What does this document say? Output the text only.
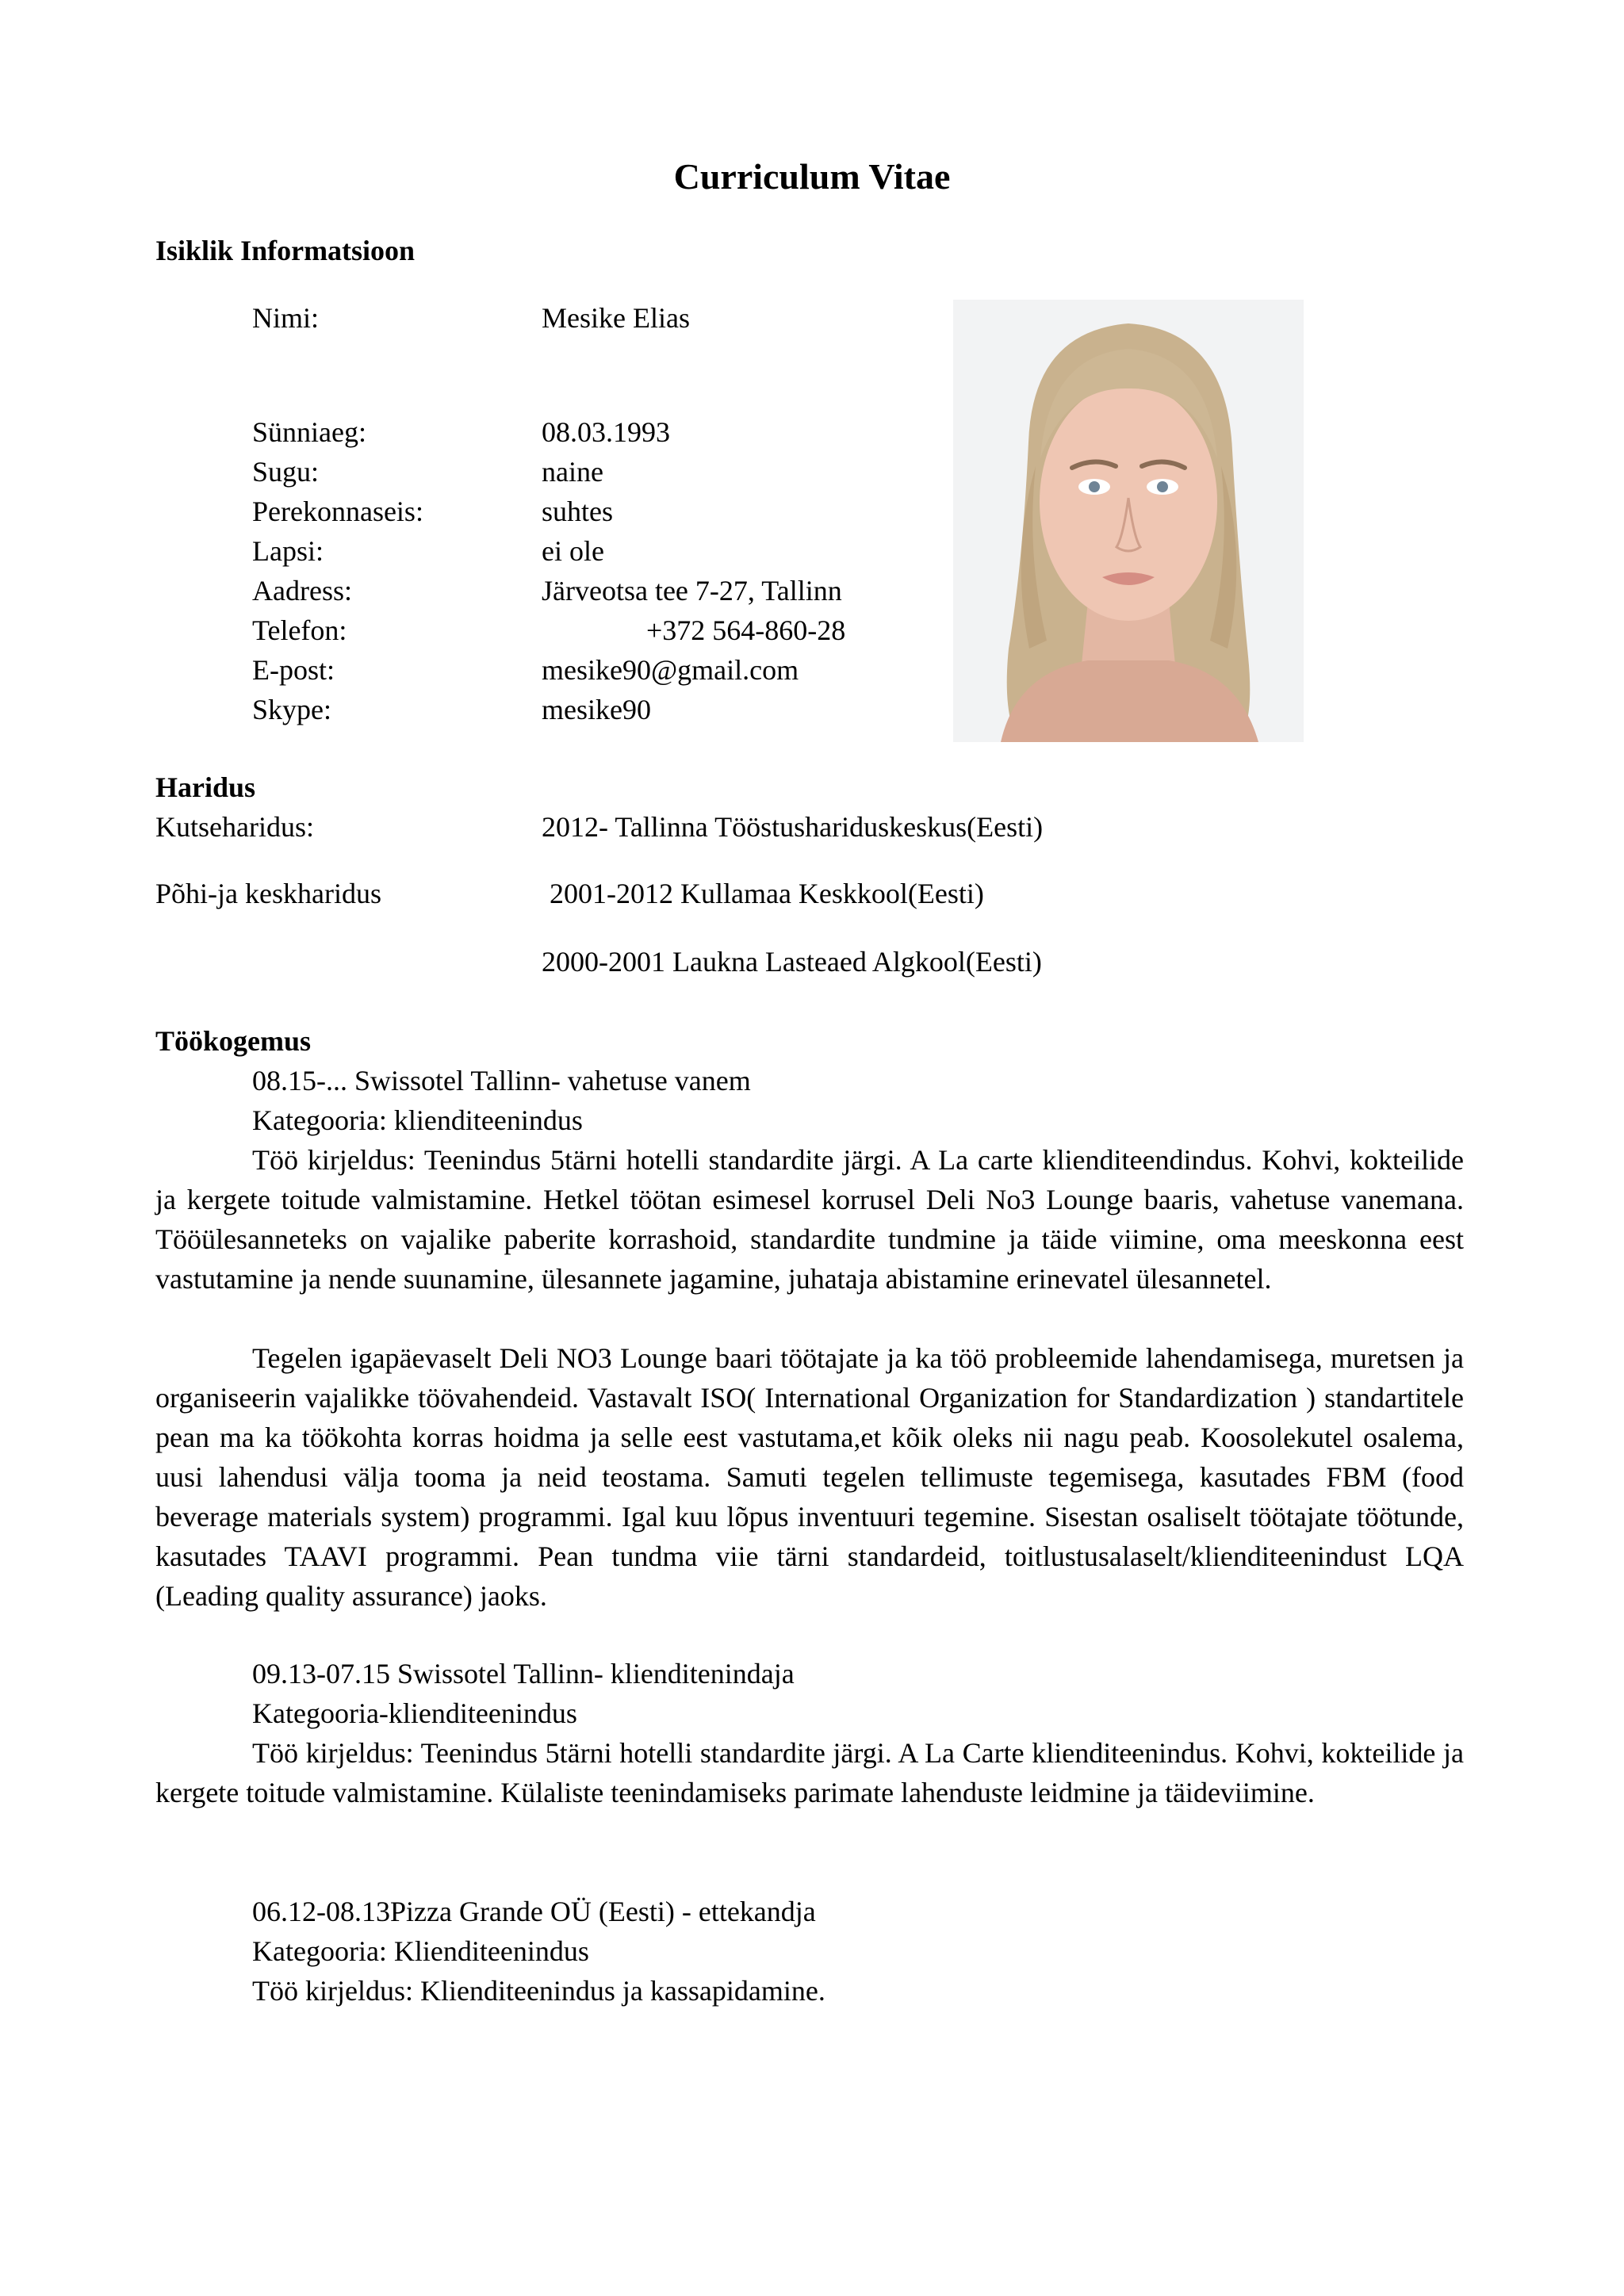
Curriculum Vitae
Isiklik Informatsioon
Nimi:	Mesike Elias
Sünniaeg:	08.03.1993
Sugu:	naine
Perekonnaseis:	suhtes
Lapsi:	ei ole
Aadress:	Järveotsa tee 7-27, Tallinn
Telefon:	+372 564-860-28
E-post:	mesike90@gmail.com
Skype:	mesike90
Haridus
Kutseharidus:	2012- Tallinna Tööstushariduskeskus(Eesti)
Põhi-ja keskharidus	2001-2012 Kullamaa Keskkool(Eesti)
2000-2001 Laukna Lasteaed Algkool(Eesti)
Töökogemus
08.15-... Swissotel Tallinn- vahetuse vanem
Kategooria: klienditeenindus
Töö kirjeldus: Teenindus 5tärni hotelli standardite järgi. A La carte klienditeendindus. Kohvi, kokteilide ja kergete toitude valmistamine. Hetkel töötan esimesel korrusel Deli No3 Lounge baaris, vahetuse vanemana. Tööülesanneteks on vajalike paberite korrashoid, standardite tundmine ja täide viimine, oma meeskonna eest vastutamine ja nende suunamine, ülesannete jagamine, juhataja abistamine erinevatel ülesannetel.
Tegelen igapäevaselt Deli NO3 Lounge baari töötajate ja ka töö probleemide lahendamisega, muretsen ja organiseerin vajalikke töövahendeid. Vastavalt ISO( International Organization for Standardization ) standartitele pean ma ka töökohta korras hoidma ja selle eest vastutama,et kõik oleks nii nagu peab. Koosolekutel osalema, uusi lahendusi välja tooma ja neid teostama. Samuti tegelen tellimuste tegemisega, kasutades FBM (food beverage materials system) programmi. Igal kuu lõpus inventuuri tegemine. Sisestan osaliselt töötajate töötunde, kasutades TAAVI programmi. Pean tundma viie tärni standardeid, toitlustusalaselt/klienditeenindust LQA (Leading quality assurance) jaoks.
09.13-07.15 Swissotel Tallinn- klienditenindaja
Kategooria-klienditeenindus
Töö kirjeldus: Teenindus 5tärni hotelli standardite järgi. A La Carte klienditeenindus. Kohvi, kokteilide ja kergete toitude valmistamine. Külaliste teenindamiseks parimate lahenduste leidmine ja täideviimine.
06.12-08.13Pizza Grande OÜ (Eesti) - ettekandja
Kategooria: Klienditeenindus
Töö kirjeldus: Klienditeenindus ja kassapidamine.
